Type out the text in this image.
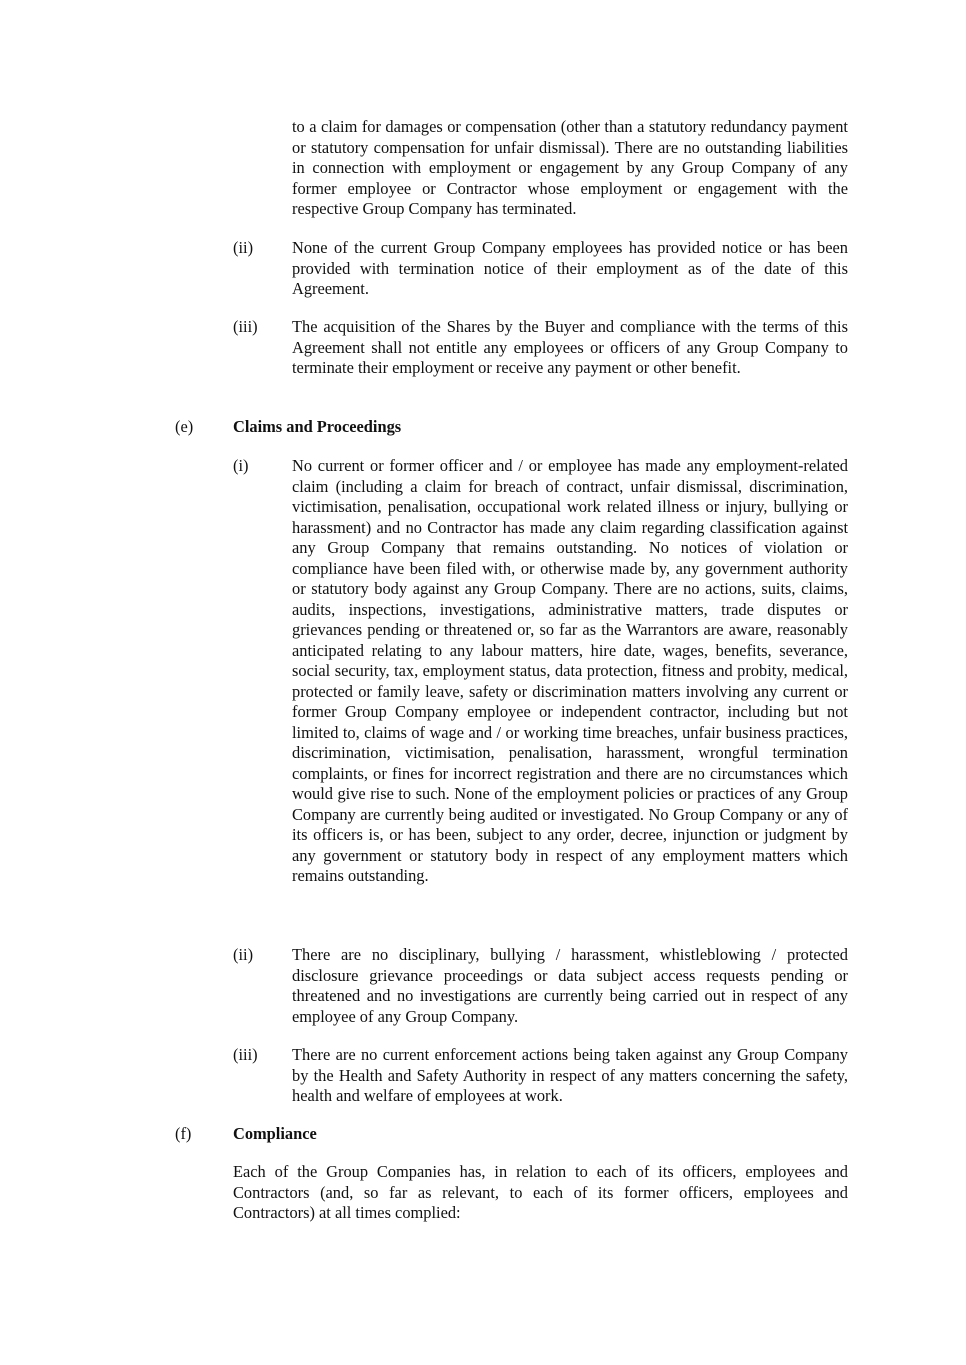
to a claim for damages or compensation (other than a statutory redundancy payment or statutory compensation for unfair dismissal). There are no outstanding liabilities in connection with employment or engagement by any Group Company of any former employee or Contractor whose employment or engagement with the respective Group Company has terminated.

(ii) None of the current Group Company employees has provided notice or has been provided with termination notice of their employment as of the date of this Agreement.

(iii) The acquisition of the Shares by the Buyer and compliance with the terms of this Agreement shall not entitle any employees or officers of any Group Company to terminate their employment or receive any payment or other benefit.

(e) Claims and Proceedings
(i)	No current or former officer and / or employee has made any employment-related claim (including a claim for breach of contract, unfair dismissal, discrimination, victimisation, penalisation, occupational work related illness or injury, bullying or harassment) and no Contractor has made any claim regarding classification against any Group Company that remains outstanding. No notices of violation or compliance have been filed with, or otherwise made by, any government authority or statutory body against any Group Company. There are no actions, suits, claims, audits, inspections, investigations, administrative matters, trade disputes or grievances pending or threatened or, so far as the Warrantors are aware, reasonably anticipated relating to any labour matters, hire date, wages, benefits, severance, social security, tax, employment status, data protection, fitness and probity, medical, protected or family leave, safety or discrimination matters involving any current or former Group Company employee or independent contractor, including but not limited to, claims of wage and / or working time breaches, unfair business practices, discrimination, victimisation, penalisation, harassment, wrongful termination complaints, or fines for incorrect registration and there are no circumstances which would give rise to such. None of the employment policies or practices of any Group Company are currently being audited or investigated. No Group Company or any of its officers is, or has been, subject to any order, decree, injunction or judgment by any government or statutory body in respect of any employment matters which remains outstanding.

(ii) There are no disciplinary, bullying / harassment, whistleblowing / protected disclosure grievance proceedings or data subject access requests pending or threatened and no investigations are currently being carried out in respect of any employee of any Group Company.

(iii) There are no current enforcement actions being taken against any Group Company by the Health and Safety Authority in respect of any matters concerning the safety, health and welfare of employees at work.

(f)	Compliance

Each of the Group Companies has, in relation to each of its officers, employees and Contractors (and, so far as relevant, to each of its former officers, employees and Contractors) at all times complied:
